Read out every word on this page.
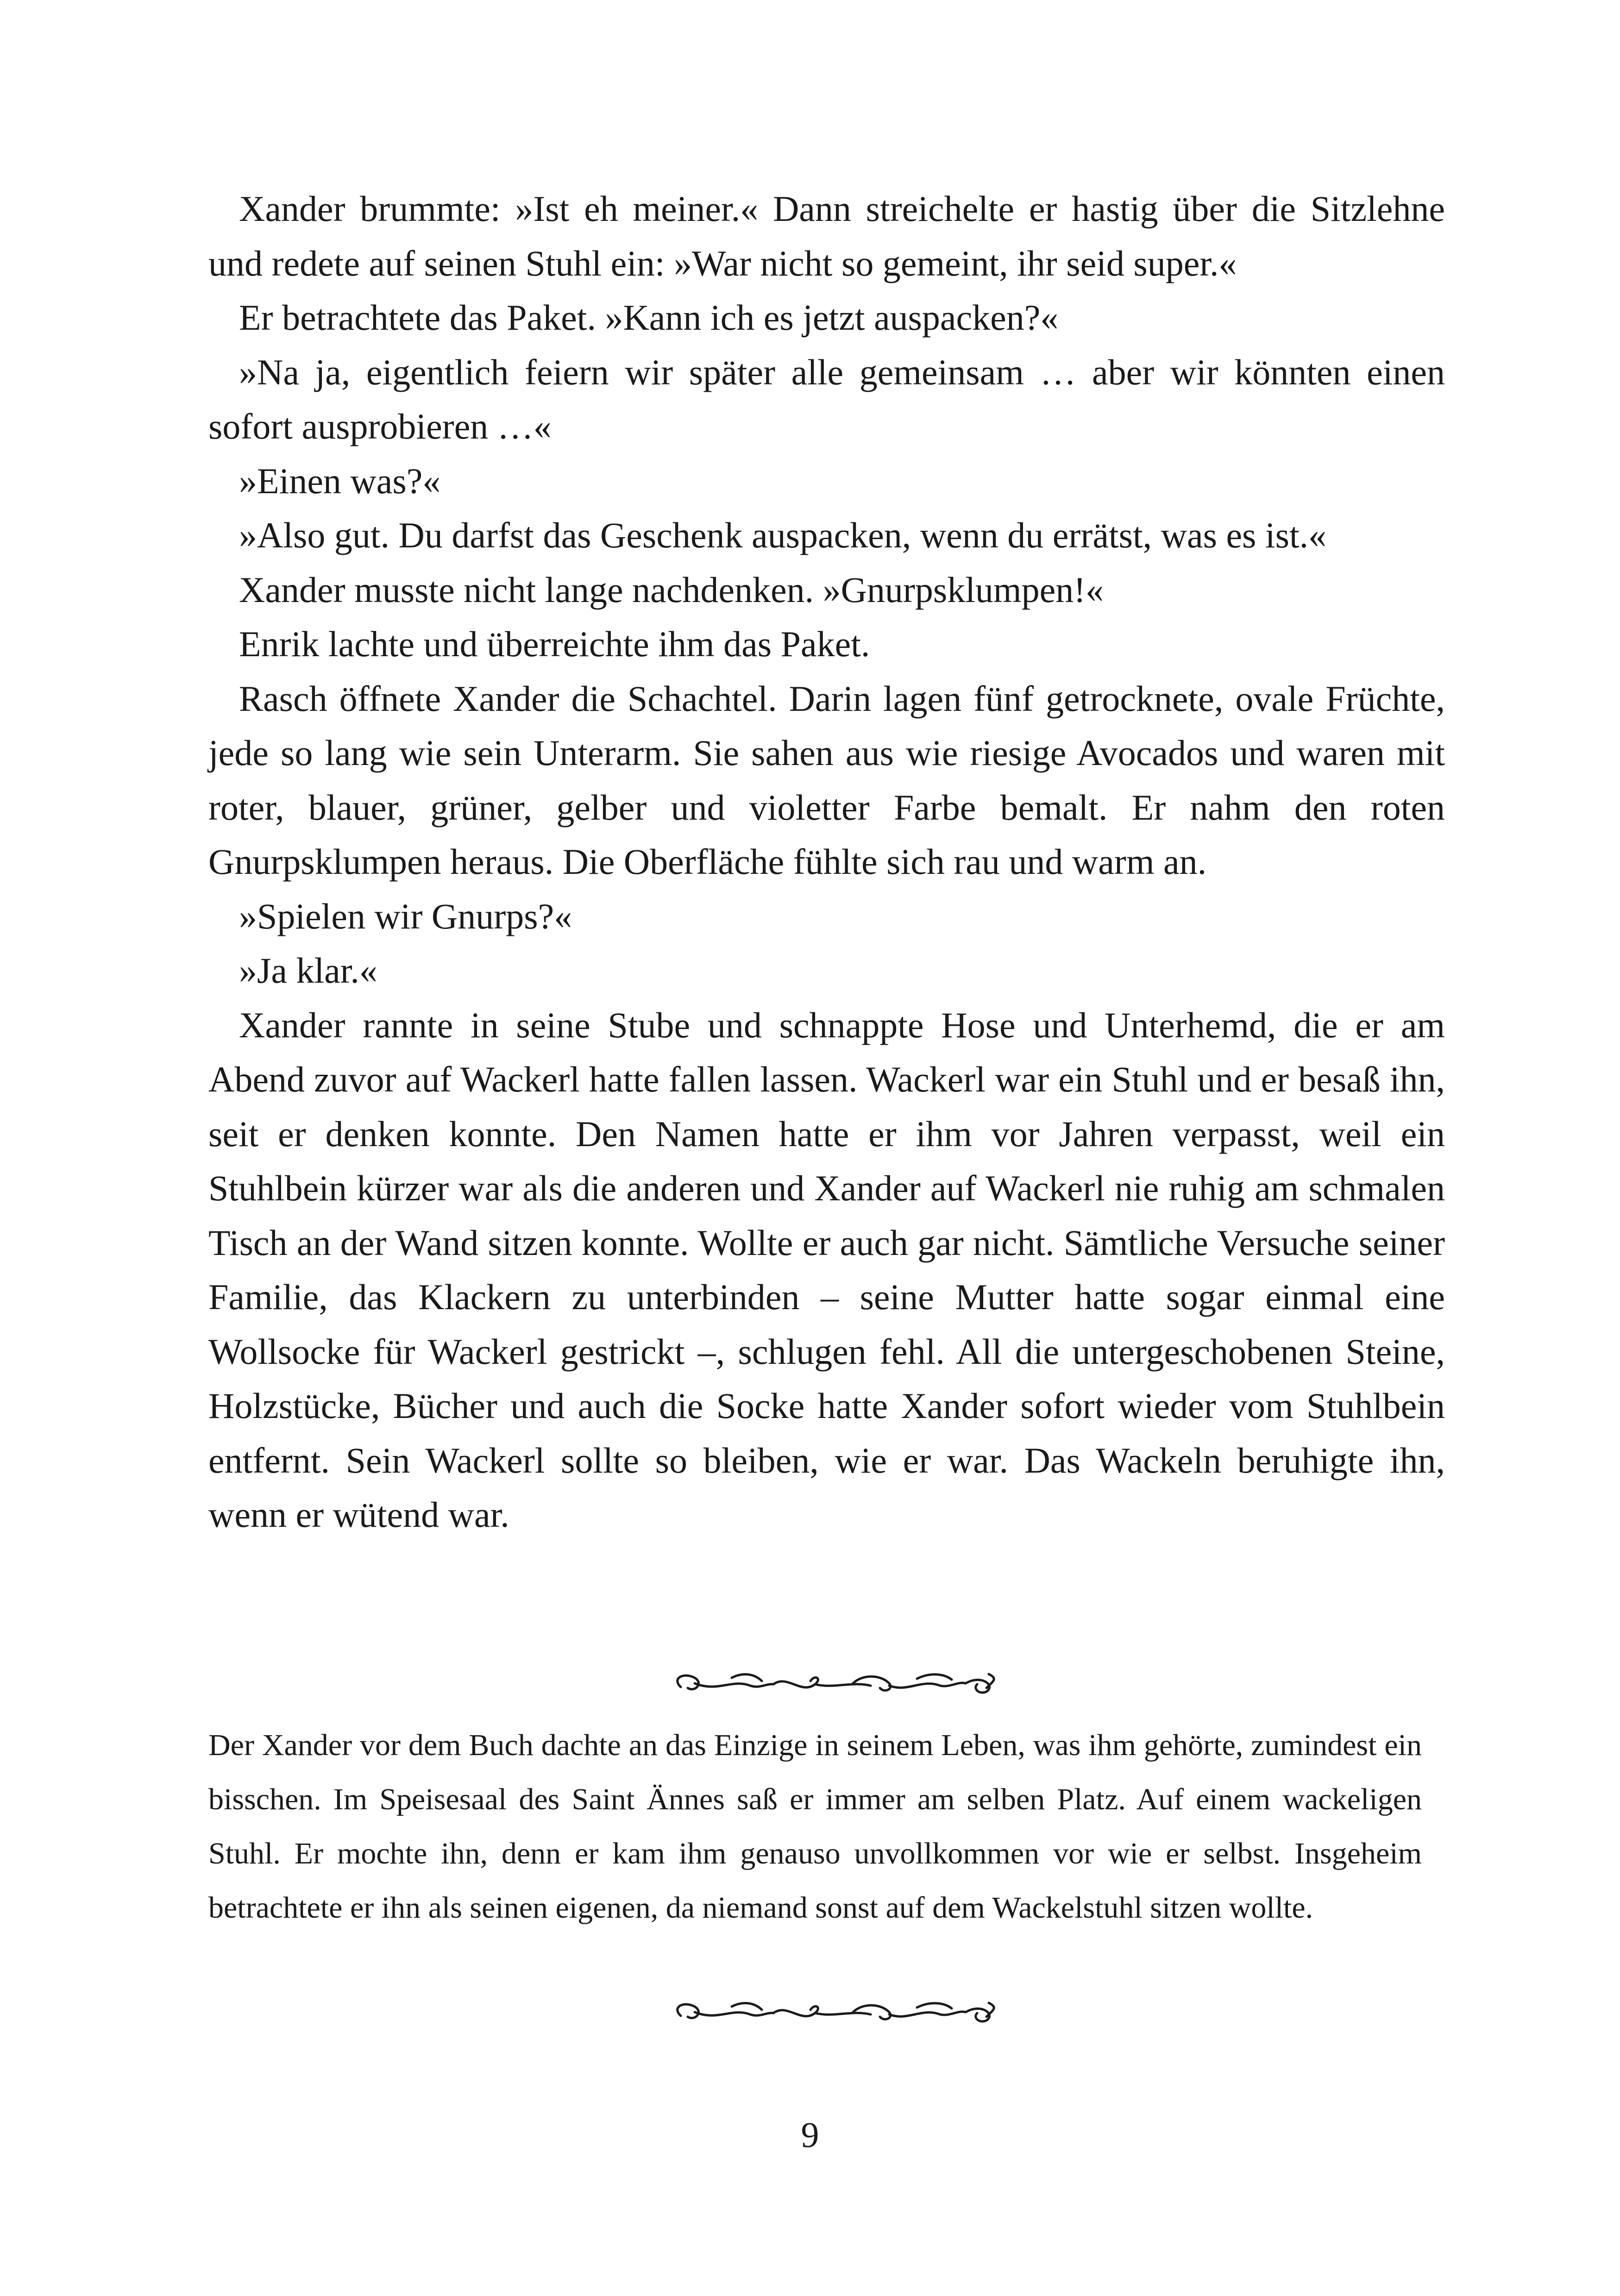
Xander brummte: »Ist eh meiner.« Dann streichelte er hastig über die Sitzlehne und redete auf seinen Stuhl ein: »War nicht so gemeint, ihr seid super.«

Er betrachtete das Paket. »Kann ich es jetzt auspacken?«

»Na ja, eigentlich feiern wir später alle gemeinsam … aber wir könnten einen sofort ausprobieren …«

»Einen was?«

»Also gut. Du darfst das Geschenk auspacken, wenn du errätst, was es ist.«

Xander musste nicht lange nachdenken. »Gnurpsklumpen!«

Enrik lachte und überreichte ihm das Paket.

Rasch öffnete Xander die Schachtel. Darin lagen fünf getrocknete, ovale Früchte, jede so lang wie sein Unterarm. Sie sahen aus wie riesige Avocados und waren mit roter, blauer, grüner, gelber und violetter Farbe bemalt. Er nahm den roten Gnurpsklumpen heraus. Die Oberfläche fühlte sich rau und warm an.

»Spielen wir Gnurps?«

»Ja klar.«

Xander rannte in seine Stube und schnappte Hose und Unterhemd, die er am Abend zuvor auf Wackerl hatte fallen lassen. Wackerl war ein Stuhl und er besaß ihn, seit er denken konnte. Den Namen hatte er ihm vor Jahren verpasst, weil ein Stuhlbein kürzer war als die anderen und Xander auf Wackerl nie ruhig am schmalen Tisch an der Wand sitzen konnte. Wollte er auch gar nicht. Sämtliche Versuche seiner Familie, das Klackern zu unterbinden – seine Mutter hatte sogar einmal eine Wollsocke für Wackerl gestrickt –, schlugen fehl. All die untergeschobenen Steine, Holzstücke, Bücher und auch die Socke hatte Xander sofort wieder vom Stuhlbein entfernt. Sein Wackerl sollte so bleiben, wie er war. Das Wackeln beruhigte ihn, wenn er wütend war.

Der Xander vor dem Buch dachte an das Einzige in seinem Leben, was ihm gehörte, zumindest ein bisschen. Im Speisesaal des Saint Ännes saß er immer am selben Platz. Auf einem wackeligen Stuhl. Er mochte ihn, denn er kam ihm genauso unvollkommen vor wie er selbst. Insgeheim betrachtete er ihn als seinen eigenen, da niemand sonst auf dem Wackelstuhl sitzen wollte.

9
